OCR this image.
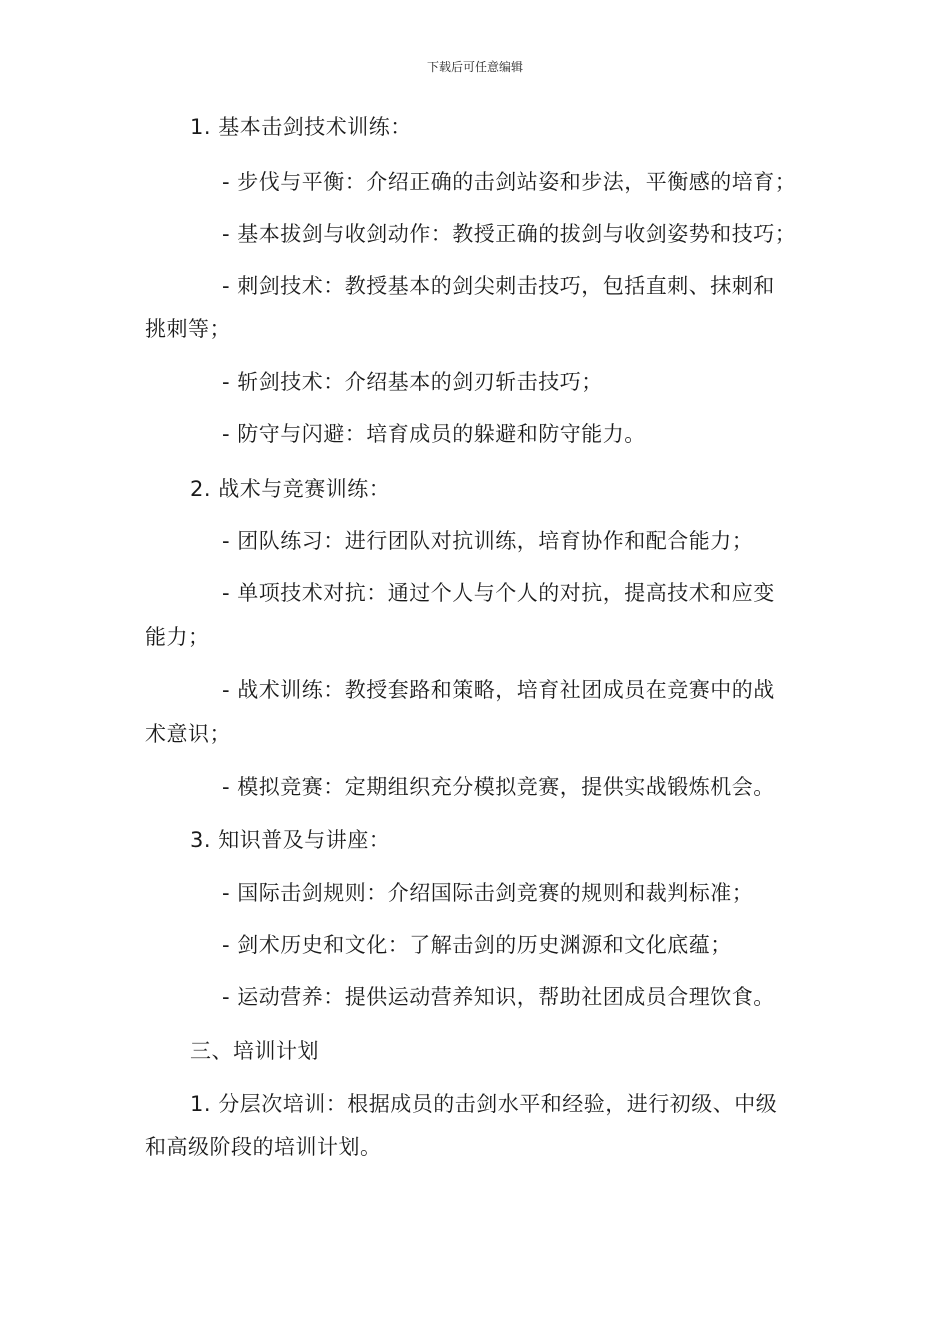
下载后可任意编辑
1. 基本击剑技术训练：
- 步伐与平衡：介绍正确的击剑站姿和步法，平衡感的培育；
- 基本拔剑与收剑动作：教授正确的拔剑与收剑姿势和技巧；
- 刺剑技术：教授基本的剑尖刺击技巧，包括直刺、抹刺和
挑刺等；
- 斩剑技术：介绍基本的剑刃斩击技巧；
- 防守与闪避：培育成员的躲避和防守能力。
2. 战术与竞赛训练：
- 团队练习：进行团队对抗训练，培育协作和配合能力；
- 单项技术对抗：通过个人与个人的对抗，提高技术和应变
能力；
- 战术训练：教授套路和策略，培育社团成员在竞赛中的战
术意识；
- 模拟竞赛：定期组织充分模拟竞赛，提供实战锻炼机会。
3. 知识普及与讲座：
- 国际击剑规则：介绍国际击剑竞赛的规则和裁判标准；
- 剑术历史和文化：了解击剑的历史渊源和文化底蕴；
- 运动营养：提供运动营养知识，帮助社团成员合理饮食。
三、培训计划
1. 分层次培训：根据成员的击剑水平和经验，进行初级、中级
和高级阶段的培训计划。
